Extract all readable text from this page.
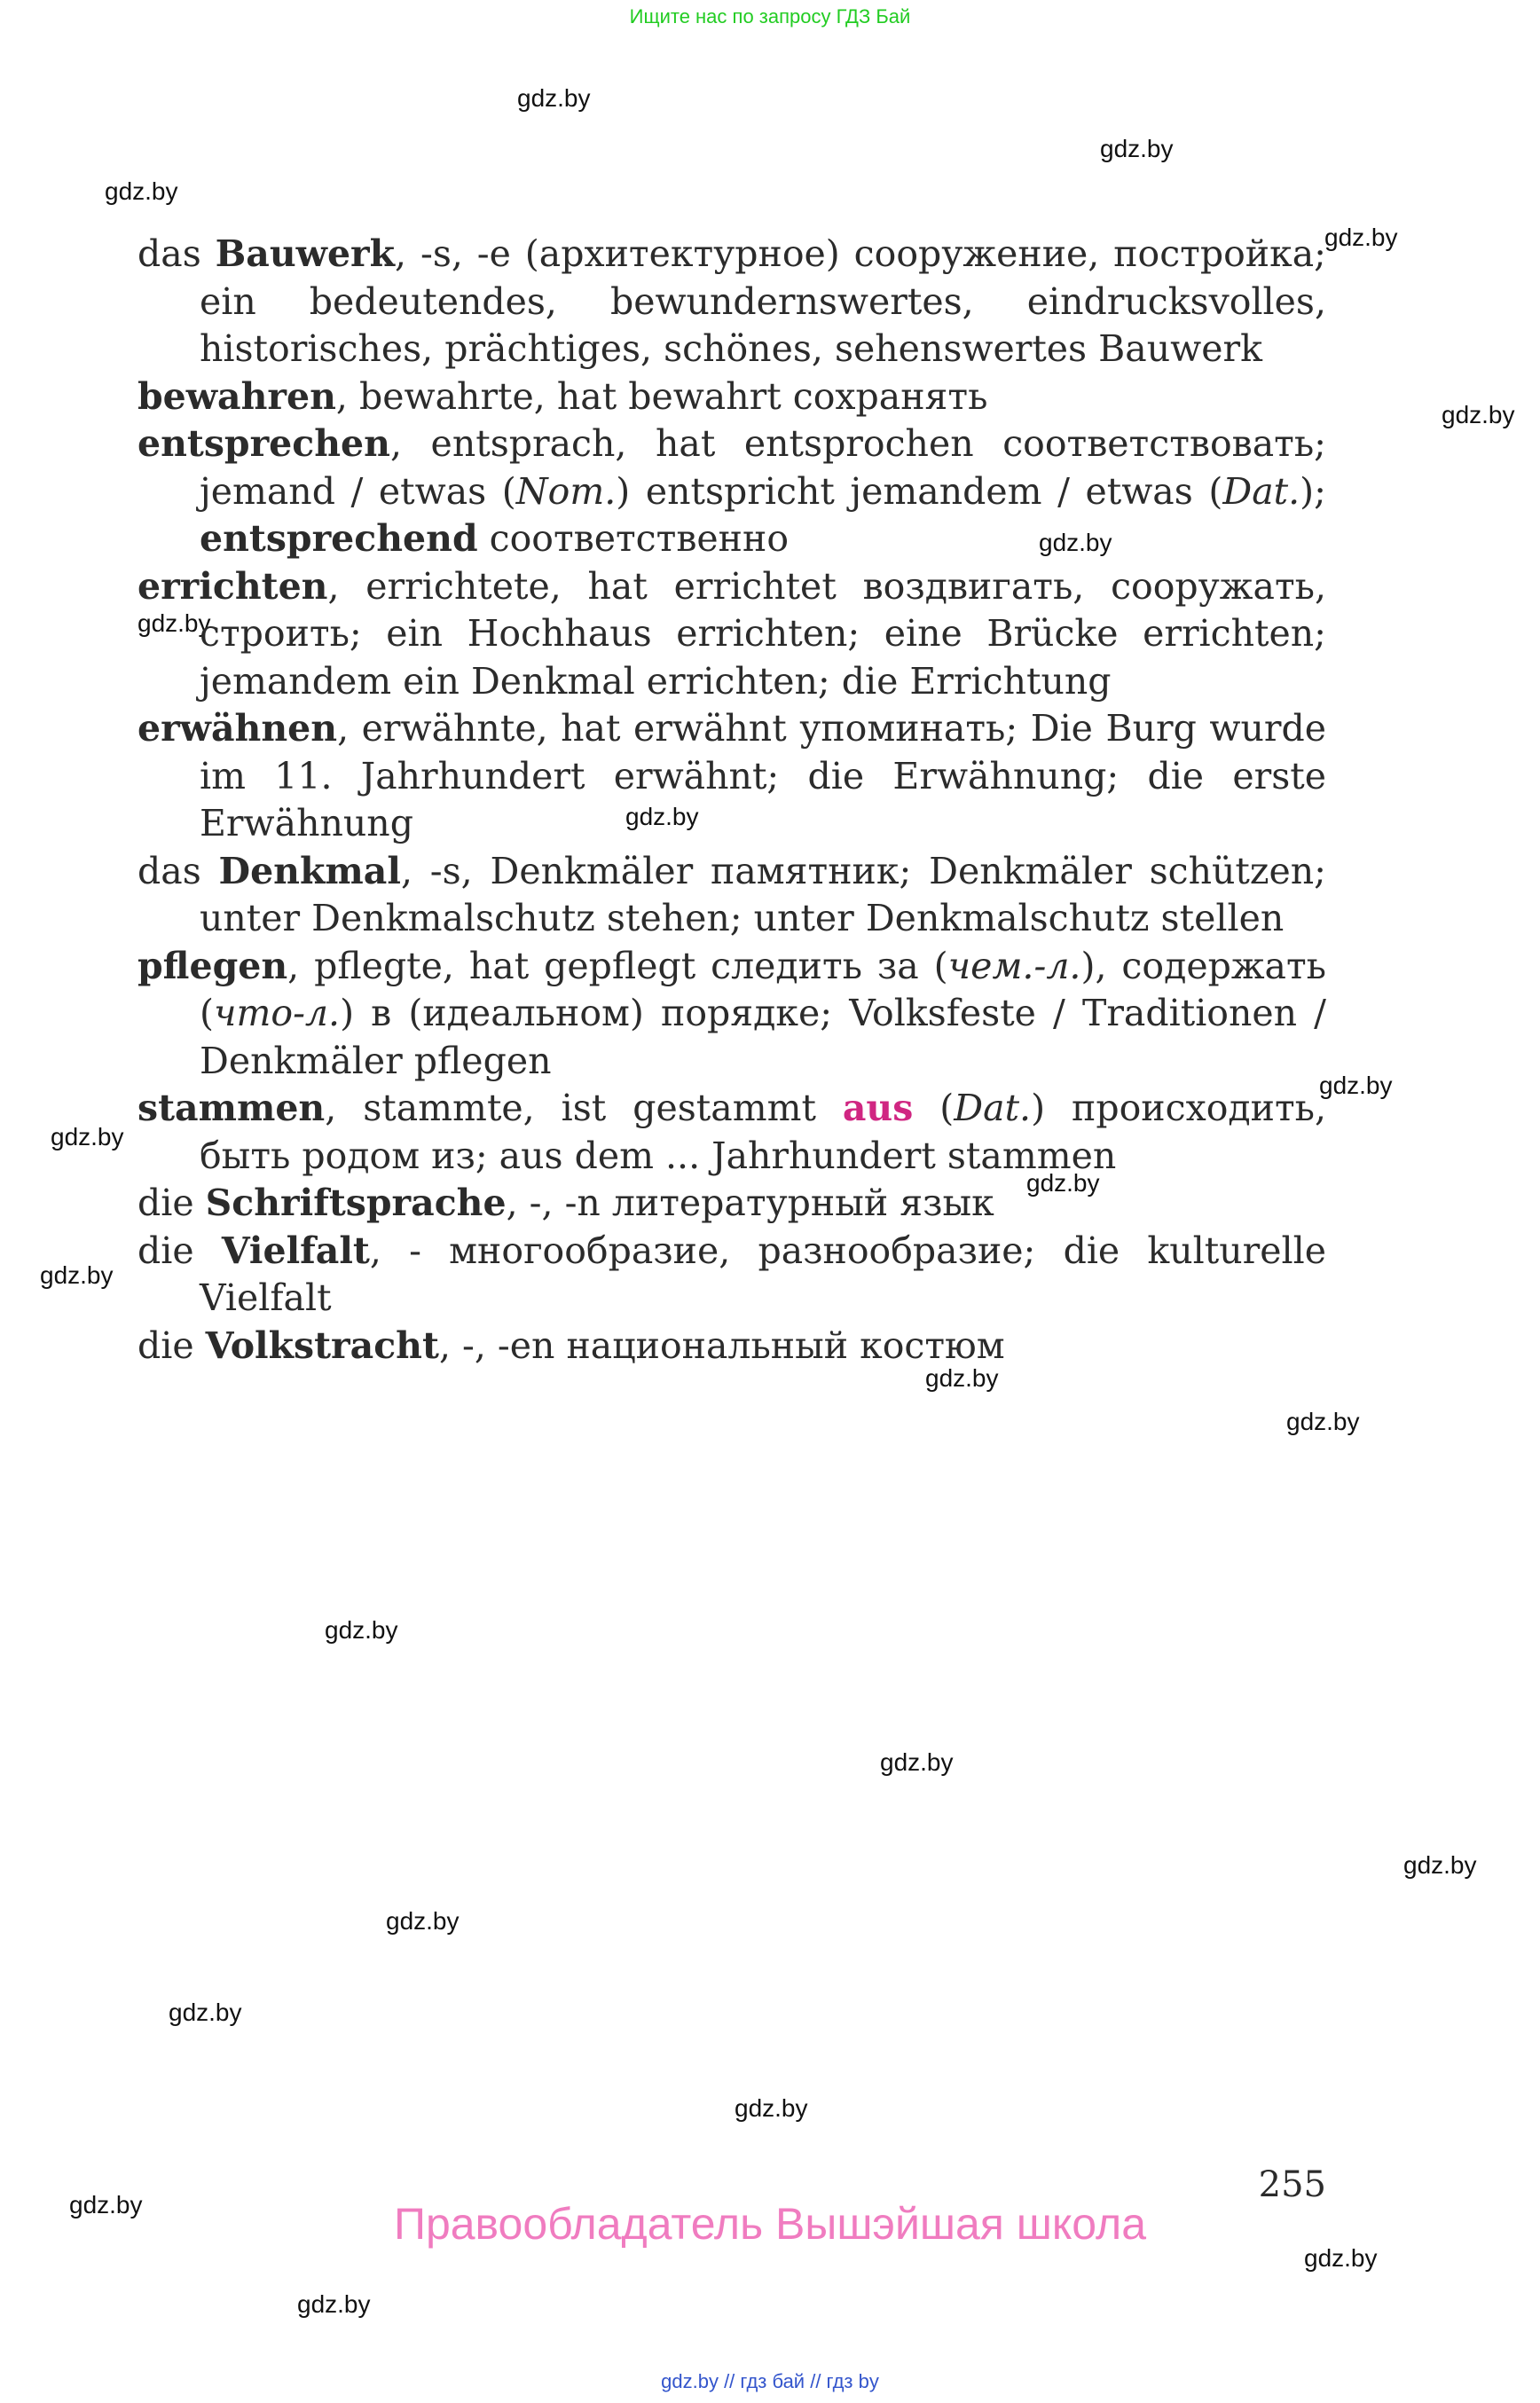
Ищите нас по запросу ГДЗ Бай
gdz.by
gdz.by
gdz.by
gdz.by
gdz.by
gdz.by
gdz.by
gdz.by
gdz.by
gdz.by
gdz.by
gdz.by
gdz.by
gdz.by
gdz.by
gdz.by
gdz.by
gdz.by
gdz.by
gdz.by
gdz.by
gdz.by
gdz.by
das Bauwerk, -s, -e (архитектурное) сооружение, постройка; ein bedeutendes, bewundernswertes, eindrucksvolles, historisches, prächtiges, schönes, sehenswertes Bauwerk
bewahren, bewahrte, hat bewahrt сохранять
entsprechen, entsprach, hat entsprochen соответствовать; jemand / etwas (Nom.) entspricht jemandem / etwas (Dat.); entsprechend соответственно
errichten, errichtete, hat errichtet воздвигать, сооружать, строить; ein Hochhaus errichten; eine Brücke errichten; jemandem ein Denkmal errichten; die Errichtung
erwähnen, erwähnte, hat erwähnt упоминать; Die Burg wurde im 11. Jahrhundert erwähnt; die Erwähnung; die erste Erwähnung
das Denkmal, -s, Denkmäler памятник; Denkmäler schützen; unter Denkmalschutz stehen; unter Denkmalschutz stellen
pflegen, pflegte, hat gepflegt следить за (чем.-л.), содержать (что-л.) в (идеальном) порядке; Volksfeste / Traditionen / Denkmäler pflegen
stammen, stammte, ist gestammt aus (Dat.) происходить, быть родом из; aus dem ... Jahrhundert stammen
die Schriftsprache, -, -n литературный язык
die Vielfalt, - многообразие, разнообразие; die kulturelle Vielfalt
die Volkstracht, -, -en национальный костюм
255
Правообладатель Вышэйшая школа
gdz.by // гдз бай // гдз by
